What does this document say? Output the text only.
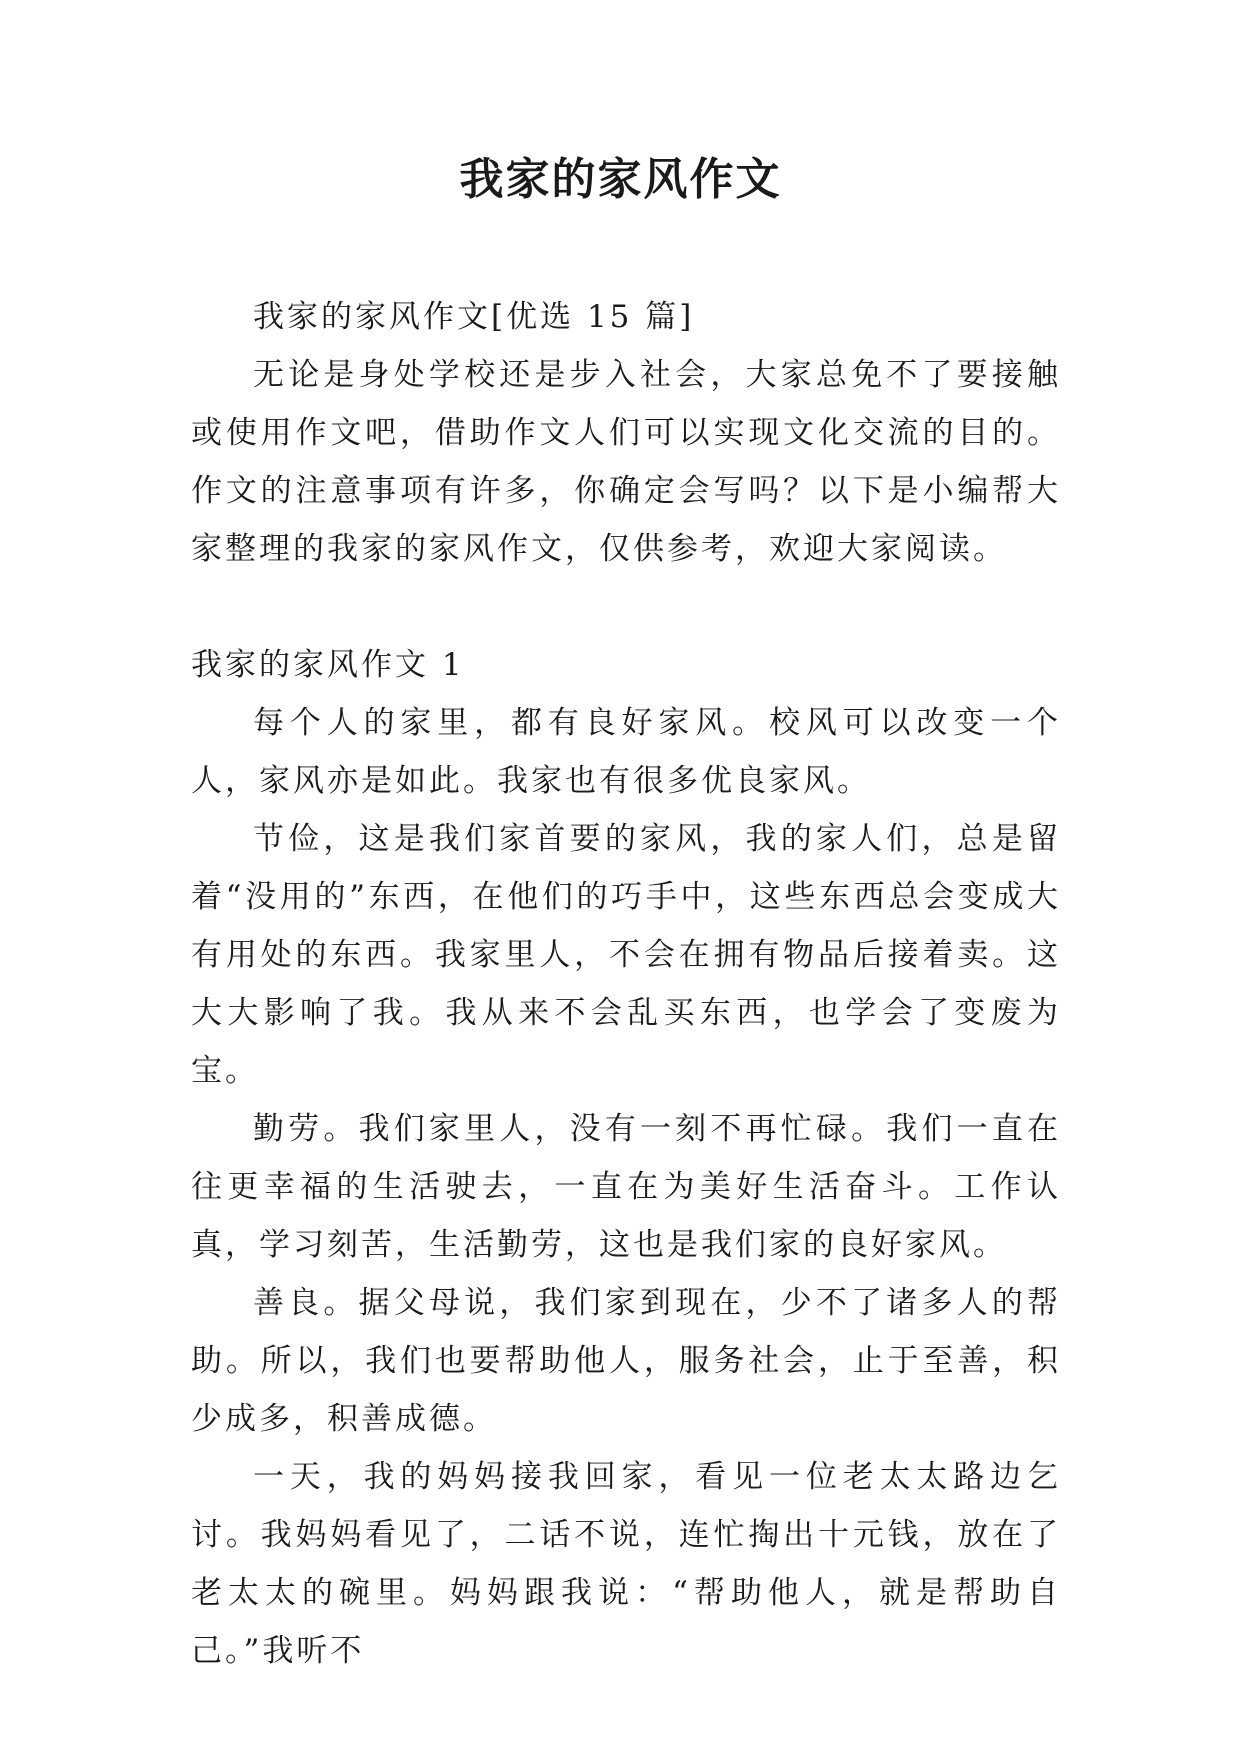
我家的家风作文

我家的家风作文[优选 15 篇]

无论是身处学校还是步入社会，大家总免不了要接触或使用作文吧，借助作文人们可以实现文化交流的目的。作文的注意事项有许多，你确定会写吗？以下是小编帮大家整理的我家的家风作文，仅供参考，欢迎大家阅读。

我家的家风作文 1

每个人的家里，都有良好家风。校风可以改变一个人，家风亦是如此。我家也有很多优良家风。

节俭，这是我们家首要的家风，我的家人们，总是留着“没用的”东西，在他们的巧手中，这些东西总会变成大有用处的东西。我家里人，不会在拥有物品后接着卖。这大大影响了我。我从来不会乱买东西，也学会了变废为宝。

勤劳。我们家里人，没有一刻不再忙碌。我们一直在往更幸福的生活驶去，一直在为美好生活奋斗。工作认真，学习刻苦，生活勤劳，这也是我们家的良好家风。

善良。据父母说，我们家到现在，少不了诸多人的帮助。所以，我们也要帮助他人，服务社会，止于至善，积少成多，积善成德。

一天，我的妈妈接我回家，看见一位老太太路边乞讨。我妈妈看见了，二话不说，连忙掏出十元钱，放在了老太太的碗里。妈妈跟我说：“帮助他人，就是帮助自己。”我听不
